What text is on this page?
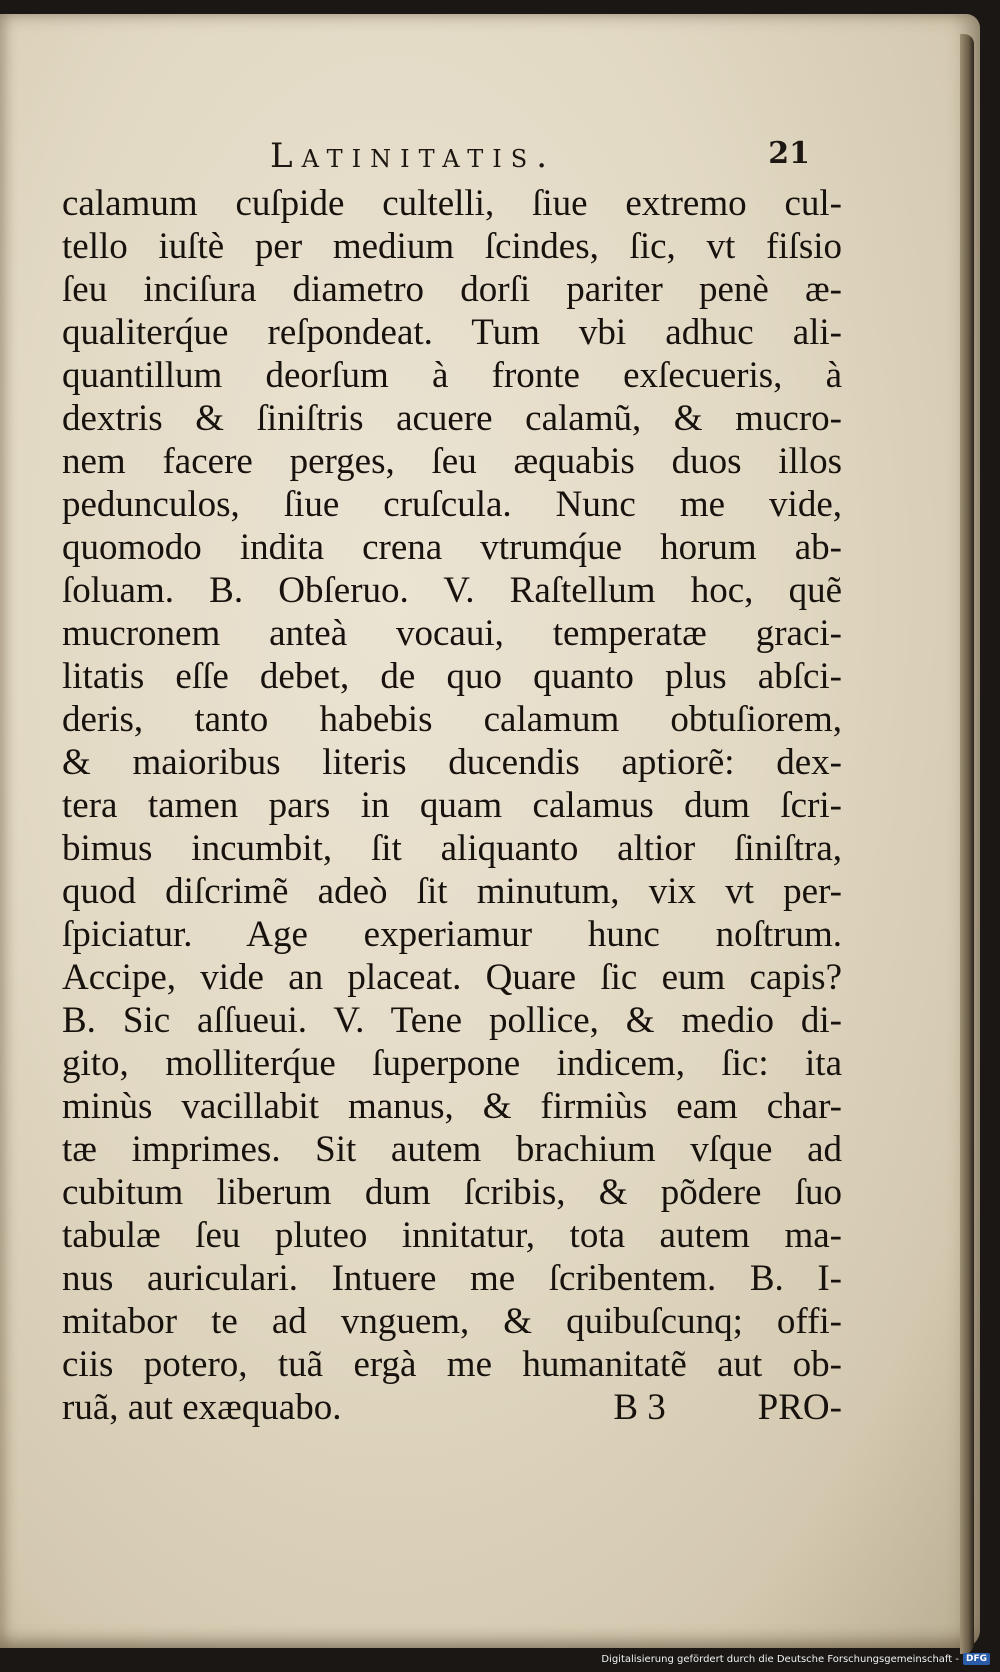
Latinitatis.	21
calamum cuſpide cultelli, ſiue extremo cul-
tello iuſtè per medium ſcindes, ſic, vt fiſsio
ſeu inciſura diametro dorſi pariter penè æ-
qualiterq́ue reſpondeat. Tum vbi adhuc ali-
quantillum deorſum à fronte exſecueris, à
dextris & ſiniſtris acuere calamũ, & mucro-
nem facere perges, ſeu æquabis duos illos
pedunculos, ſiue cruſcula. Nunc me vide,
quomodo indita crena vtrumq́ue horum ab-
ſoluam. B. Obſeruo. V. Raſtellum hoc, quẽ
mucronem anteà vocaui, temperatæ graci-
litatis eſſe debet, de quo quanto plus abſci-
deris, tanto habebis calamum obtuſiorem,
& maioribus literis ducendis aptiorẽ: dex-
tera tamen pars in quam calamus dum ſcri-
bimus incumbit, ſit aliquanto altior ſiniſtra,
quod diſcrimẽ adeò ſit minutum, vix vt per-
ſpiciatur. Age experiamur hunc noſtrum.
Accipe, vide an placeat. Quare ſic eum capis?
B. Sic aſſueui. V. Tene pollice, & medio di-
gito, molliterq́ue ſuperpone indicem, ſic: ita
minùs vacillabit manus, & firmiùs eam char-
tæ imprimes. Sit autem brachium vſque ad
cubitum liberum dum ſcribis, & põdere ſuo
tabulæ ſeu pluteo innitatur, tota autem ma-
nus auriculari. Intuere me ſcribentem. B. I-
mitabor te ad vnguem, & quibuſcunq; offi-
ciis potero, tuã ergà me humanitatẽ aut ob-
ruã, aut exæquabo.	B 3 PRO-
Digitalisierung gefördert durch die Deutsche Forschungsgemeinschaft - DFG
